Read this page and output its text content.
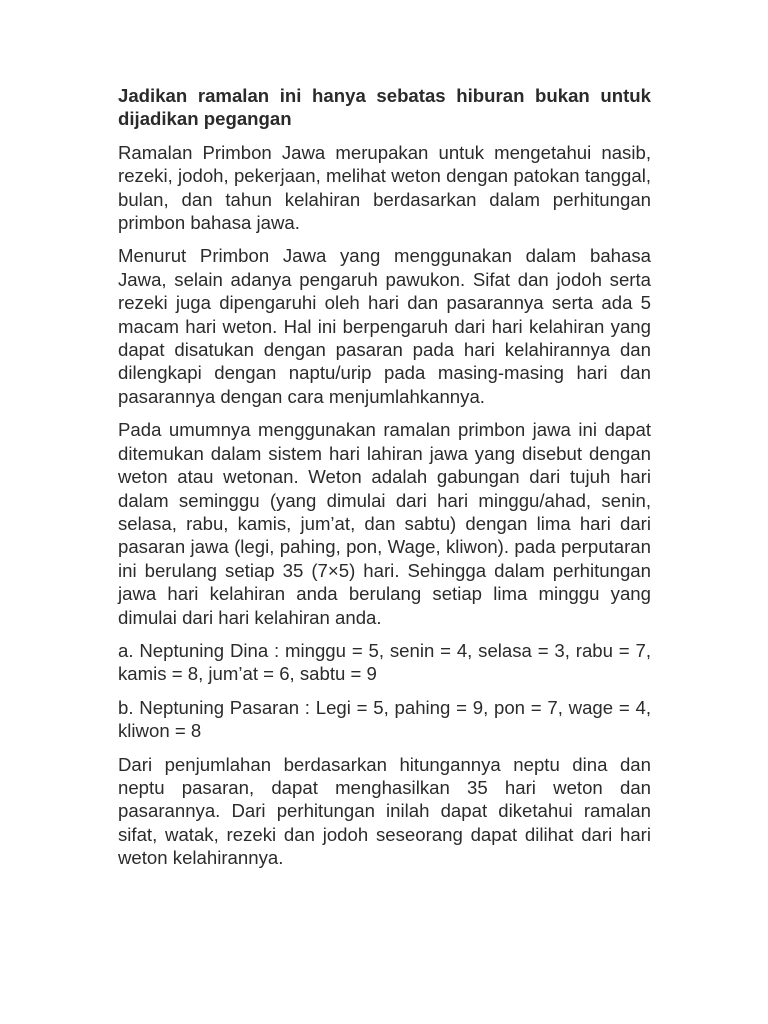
Jadikan ramalan ini hanya sebatas hiburan bukan untuk dijadikan pegangan

Ramalan Primbon Jawa merupakan untuk mengetahui nasib, rezeki, jodoh, pekerjaan, melihat weton dengan patokan tanggal, bulan, dan tahun kelahiran berdasarkan dalam perhitungan primbon bahasa jawa.

Menurut Primbon Jawa yang menggunakan dalam bahasa Jawa, selain adanya pengaruh pawukon. Sifat dan jodoh serta rezeki juga dipengaruhi oleh hari dan pasarannya serta ada 5 macam hari weton. Hal ini berpengaruh dari hari kelahiran yang dapat disatukan dengan pasaran pada hari kelahirannya dan dilengkapi dengan naptu/urip pada masing-masing hari dan pasarannya dengan cara menjumlahkannya.

Pada umumnya menggunakan ramalan primbon jawa ini dapat ditemukan dalam sistem hari lahiran jawa yang disebut dengan weton atau wetonan. Weton adalah gabungan dari tujuh hari dalam seminggu (yang dimulai dari hari minggu/ahad, senin, selasa, rabu, kamis, jum’at, dan sabtu) dengan lima hari dari pasaran jawa (legi, pahing, pon, Wage, kliwon). pada perputaran ini berulang setiap 35 (7×5) hari. Sehingga dalam perhitungan jawa hari kelahiran anda berulang setiap lima minggu yang dimulai dari hari kelahiran anda.

a. Neptuning Dina : minggu = 5, senin = 4, selasa = 3, rabu = 7, kamis = 8, jum’at = 6, sabtu = 9

b. Neptuning Pasaran : Legi = 5, pahing = 9, pon = 7, wage = 4, kliwon = 8

Dari penjumlahan berdasarkan hitungannya neptu dina dan neptu pasaran, dapat menghasilkan 35 hari weton dan pasarannya. Dari perhitungan inilah dapat diketahui ramalan sifat, watak, rezeki dan jodoh seseorang dapat dilihat dari hari weton kelahirannya.
